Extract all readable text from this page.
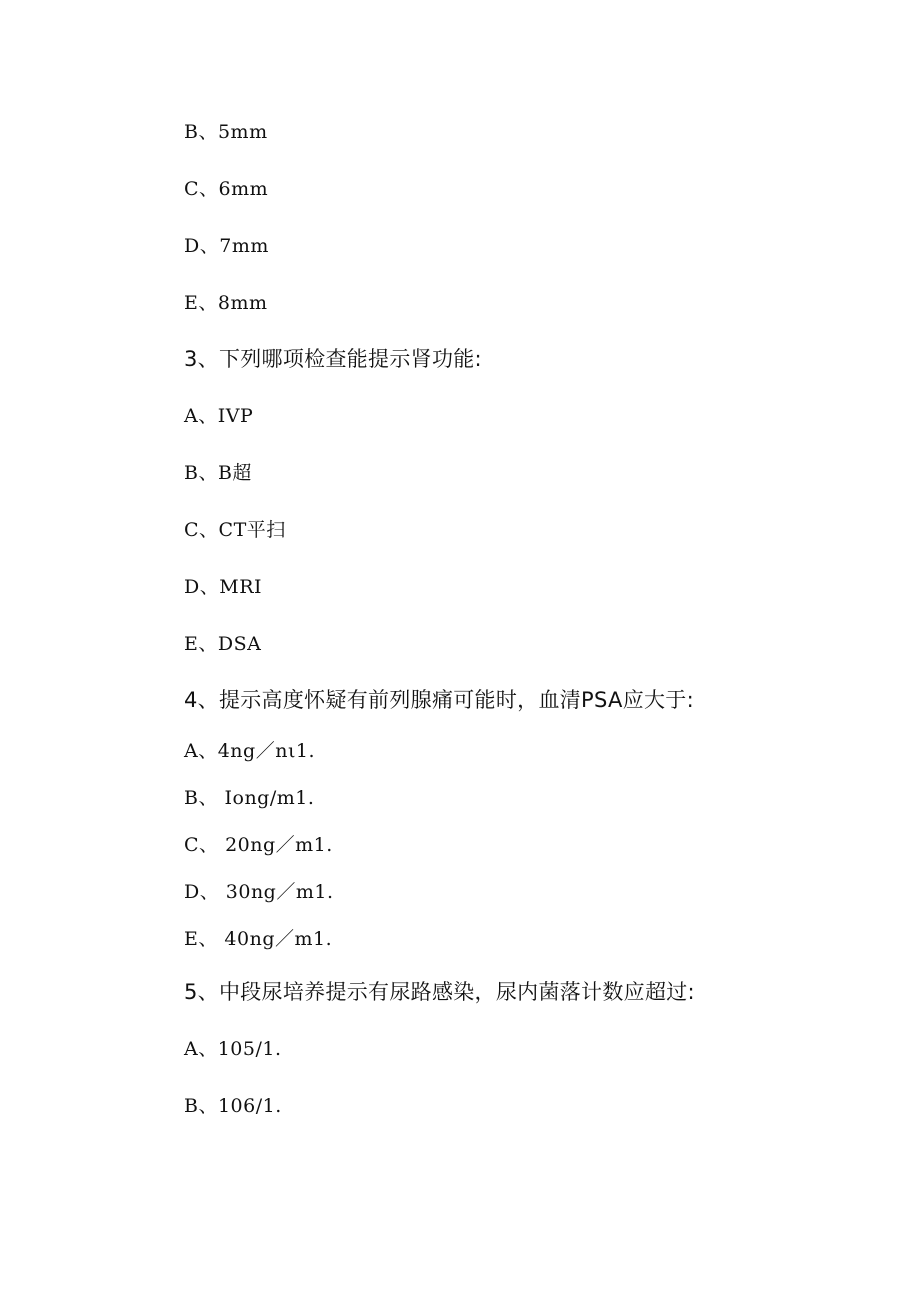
B、5mm
C、6mm
D、7mm
E、8mm
3、下列哪项检查能提示肾功能:
A、IVP
B、B超
C、CT平扫
D、MRI
E、DSA
4、提示高度怀疑有前列腺痛可能时，血清PSA应大于:
A、4ng／nι1.
B、 Iong/m1.
C、 20ng／m1.
D、 30ng／m1.
E、 40ng／m1.
5、中段尿培养提示有尿路感染，尿内菌落计数应超过:
A、105/1.
B、106/1.
